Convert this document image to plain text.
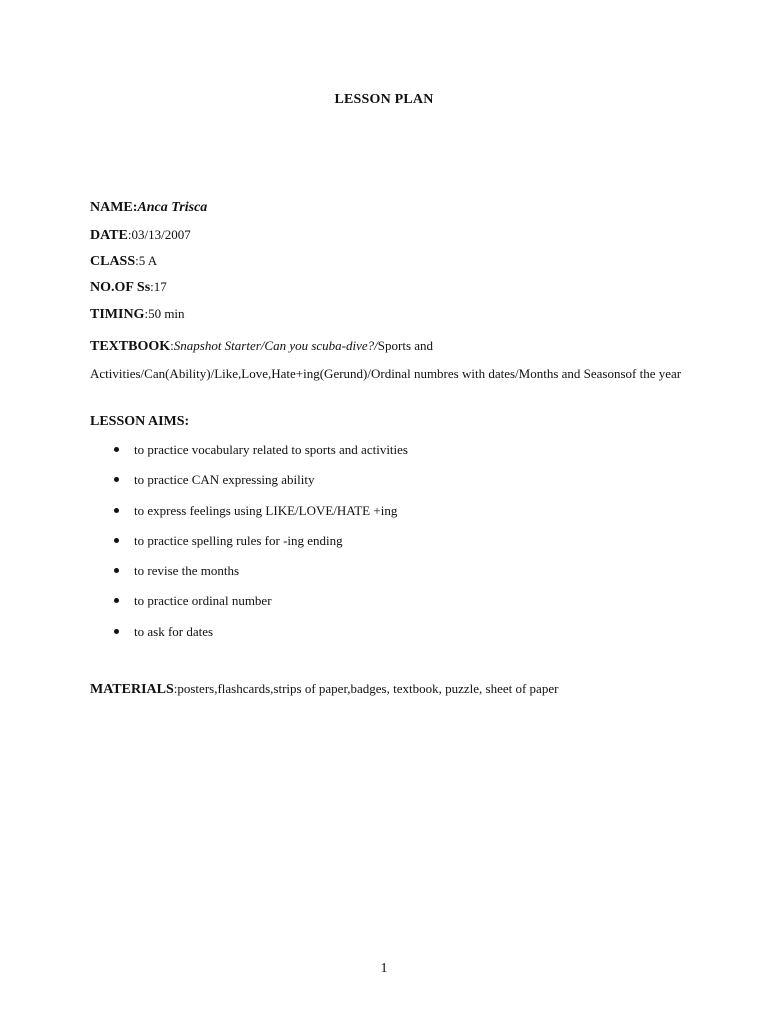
LESSON PLAN
NAME:Anca Trisca
DATE:03/13/2007
CLASS:5 A
NO.OF Ss:17
TIMING:50 min
TEXTBOOK:Snapshot Starter/Can you scuba-dive?/Sports and Activities/Can(Ability)/Like,Love,Hate+ing(Gerund)/Ordinal numbres with dates/Months and Seasonsof the year
LESSON AIMS:
to practice vocabulary related to sports and activities
to practice CAN expressing ability
to express feelings using LIKE/LOVE/HATE +ing
to practice spelling rules for -ing ending
to revise the months
to practice ordinal number
to ask for dates
MATERIALS:posters,flashcards,strips of paper,badges, textbook, puzzle, sheet of paper
1
